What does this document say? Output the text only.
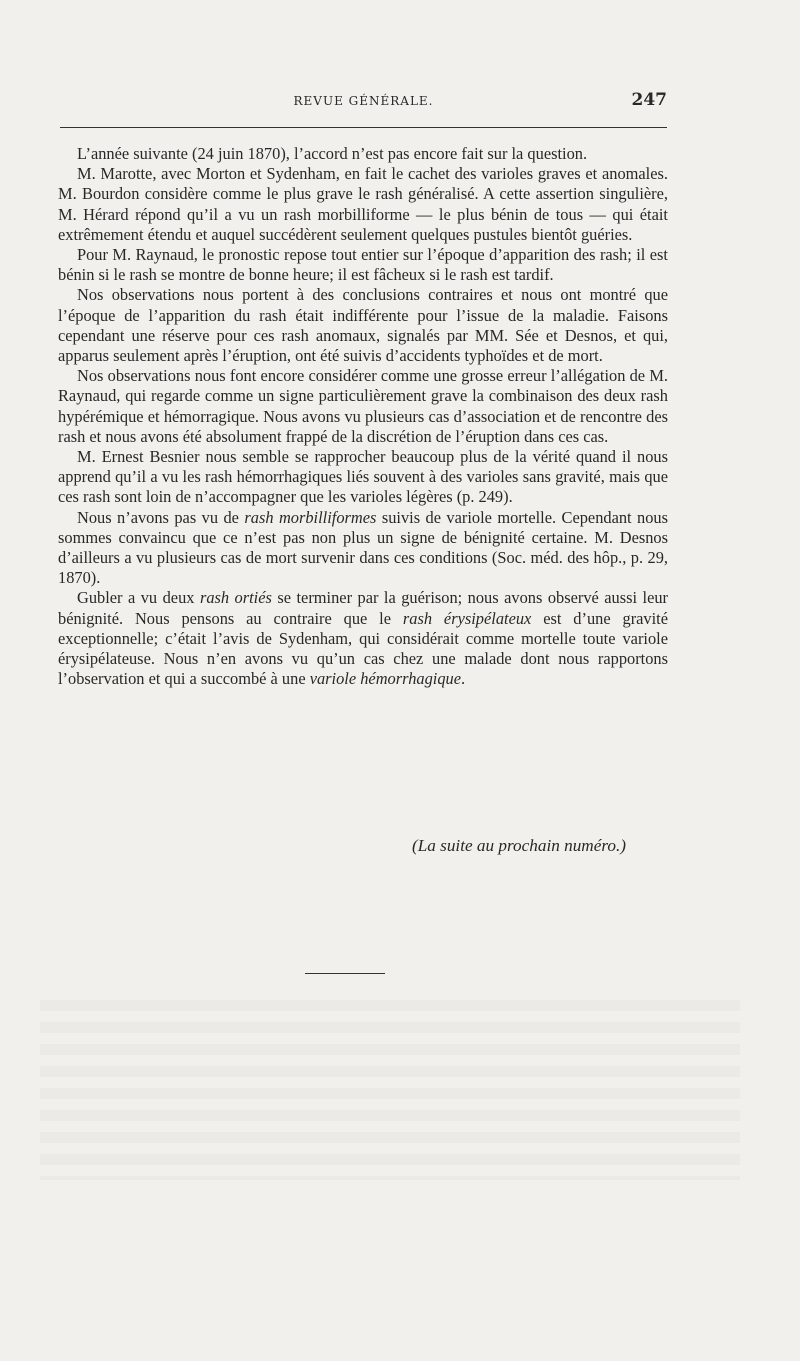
REVUE GÉNÉRALE.	247

L’année suivante (24 juin 1870), l’accord n’est pas encore fait sur la question.

M. Marotte, avec Morton et Sydenham, en fait le cachet des varioles graves et anomales. M. Bourdon considère comme le plus grave le rash généralisé. A cette assertion singulière, M. Hérard répond qu’il a vu un rash morbilliforme — le plus bénin de tous — qui était extrêmement étendu et auquel succédèrent seulement quelques pustules bientôt guéries.

Pour M. Raynaud, le pronostic repose tout entier sur l’époque d’apparition des rash; il est bénin si le rash se montre de bonne heure; il est fâcheux si le rash est tardif.

Nos observations nous portent à des conclusions contraires et nous ont montré que l’époque de l’apparition du rash était indifférente pour l’issue de la maladie. Faisons cependant une réserve pour ces rash anomaux, signalés par MM. Sée et Desnos, et qui, apparus seulement après l’éruption, ont été suivis d’accidents typhoïdes et de mort.

Nos observations nous font encore considérer comme une grosse erreur l’allégation de M. Raynaud, qui regarde comme un signe particulièrement grave la combinaison des deux rash hypérémique et hémorragique. Nous avons vu plusieurs cas d’association et de rencontre des rash et nous avons été absolument frappé de la discrétion de l’éruption dans ces cas.

M. Ernest Besnier nous semble se rapprocher beaucoup plus de la vérité quand il nous apprend qu’il a vu les rash hémorrhagiques liés souvent à des varioles sans gravité, mais que ces rash sont loin de n’accompagner que les varioles légères (p. 249).

Nous n’avons pas vu de rash morbilliformes suivis de variole mortelle. Cependant nous sommes convaincu que ce n’est pas non plus un signe de bénignité certaine. M. Desnos d’ailleurs a vu plusieurs cas de mort survenir dans ces conditions (Soc. méd. des hôp., p. 29, 1870).

Gubler a vu deux rash ortiés se terminer par la guérison; nous avons observé aussi leur bénignité. Nous pensons au contraire que le rash érysipélateux est d’une gravité exceptionnelle; c’était l’avis de Sydenham, qui considérait comme mortelle toute variole érysipélateuse. Nous n’en avons vu qu’un cas chez une malade dont nous rapportons l’observation et qui a succombé à une variole hémorrhagique.

(La suite au prochain numéro.)
